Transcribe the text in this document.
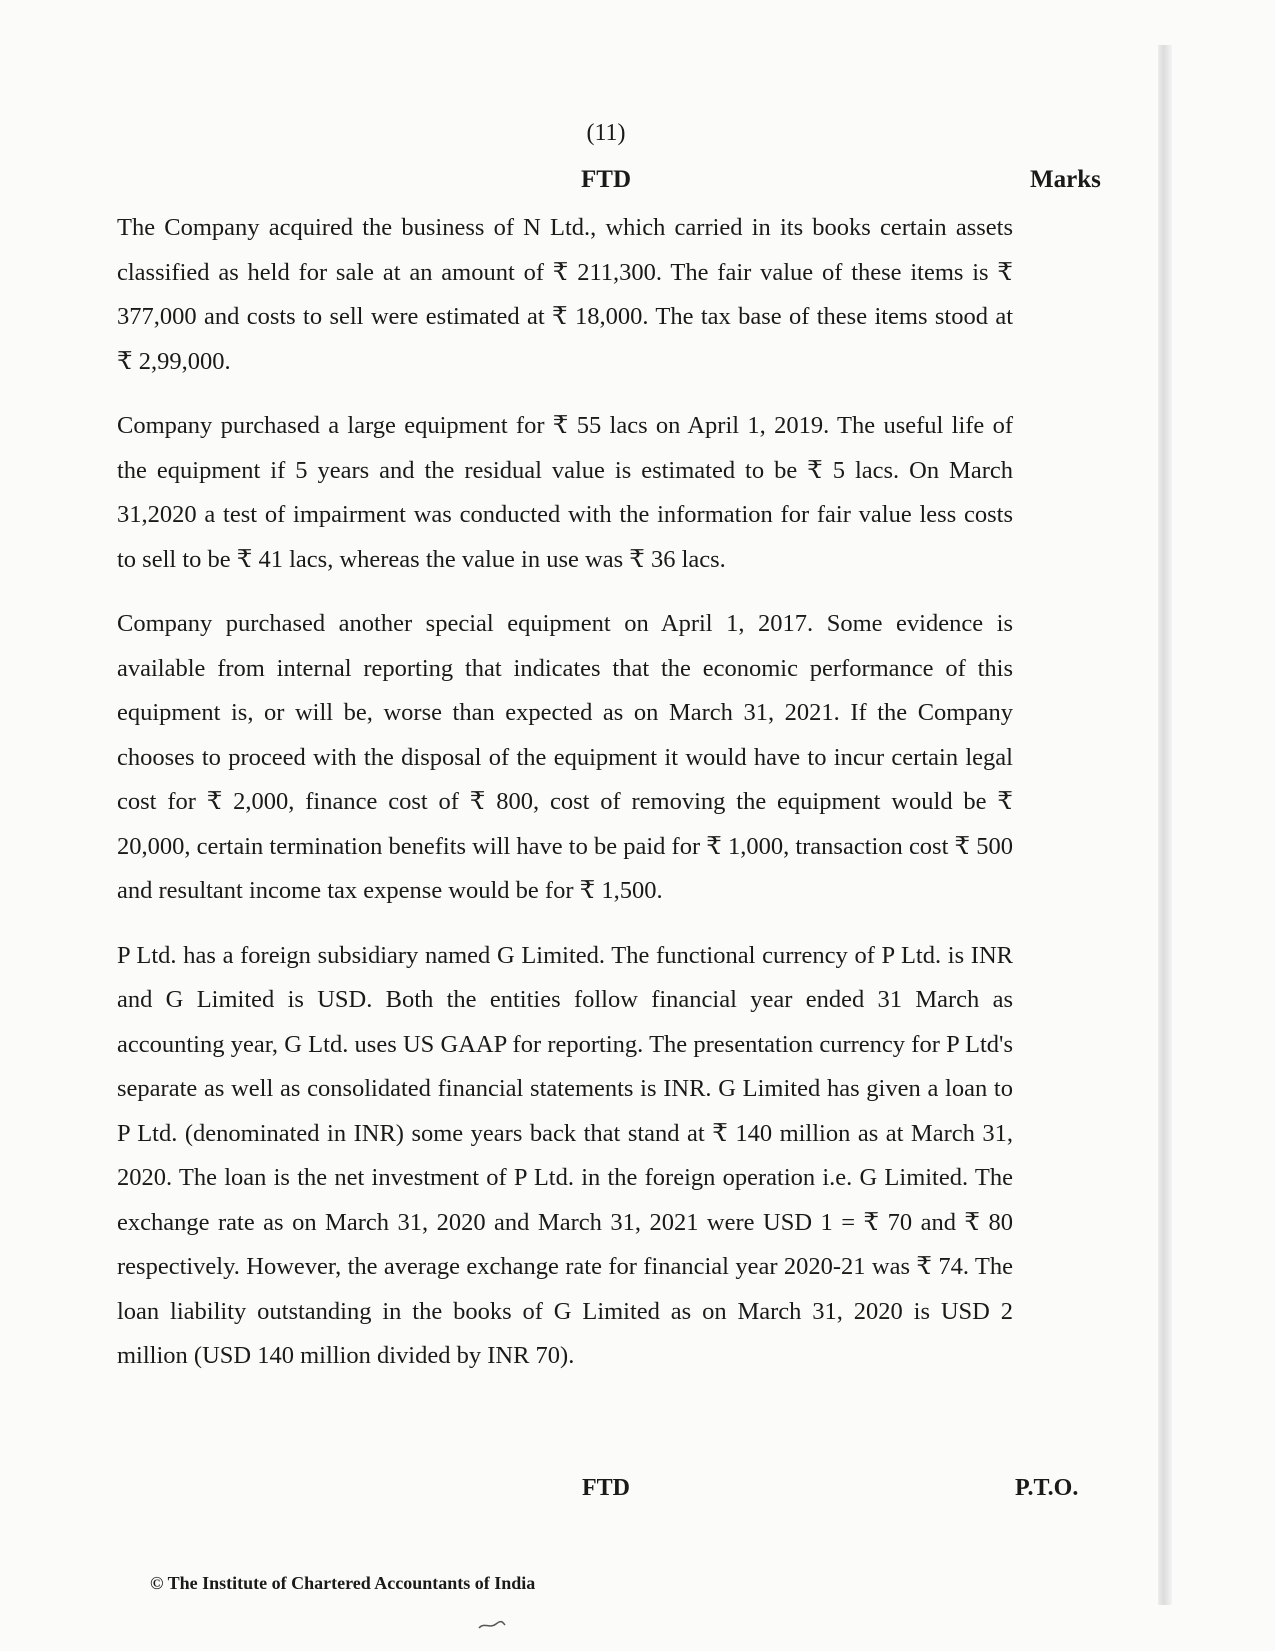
(11)
FTD	Marks

The Company acquired the business of N Ltd., which carried in its books certain assets classified as held for sale at an amount of ₹ 211,300. The fair value of these items is ₹ 377,000 and costs to sell were estimated at ₹ 18,000. The tax base of these items stood at ₹ 2,99,000.

Company purchased a large equipment for ₹ 55 lacs on April 1, 2019. The useful life of the equipment if 5 years and the residual value is estimated to be ₹ 5 lacs. On March 31,2020 a test of impairment was conducted with the information for fair value less costs to sell to be ₹ 41 lacs, whereas the value in use was ₹ 36 lacs.

Company purchased another special equipment on April 1, 2017. Some evidence is available from internal reporting that indicates that the economic performance of this equipment is, or will be, worse than expected as on March 31, 2021. If the Company chooses to proceed with the disposal of the equipment it would have to incur certain legal cost for ₹ 2,000, finance cost of ₹ 800, cost of removing the equipment would be ₹ 20,000, certain termination benefits will have to be paid for ₹ 1,000, transaction cost ₹ 500 and resultant income tax expense would be for ₹ 1,500.

P Ltd. has a foreign subsidiary named G Limited. The functional currency of P Ltd. is INR and G Limited is USD. Both the entities follow financial year ended 31 March as accounting year, G Ltd. uses US GAAP for reporting. The presentation currency for P Ltd's separate as well as consolidated financial statements is INR. G Limited has given a loan to P Ltd. (denominated in INR) some years back that stand at ₹ 140 million as at March 31, 2020. The loan is the net investment of P Ltd. in the foreign operation i.e. G Limited. The exchange rate as on March 31, 2020 and March 31, 2021 were USD 1 = ₹ 70 and ₹ 80 respectively. However, the average exchange rate for financial year 2020-21 was ₹ 74. The loan liability outstanding in the books of G Limited as on March 31, 2020 is USD 2 million (USD 140 million divided by INR 70).

FTD	P.T.O.
© The Institute of Chartered Accountants of India
